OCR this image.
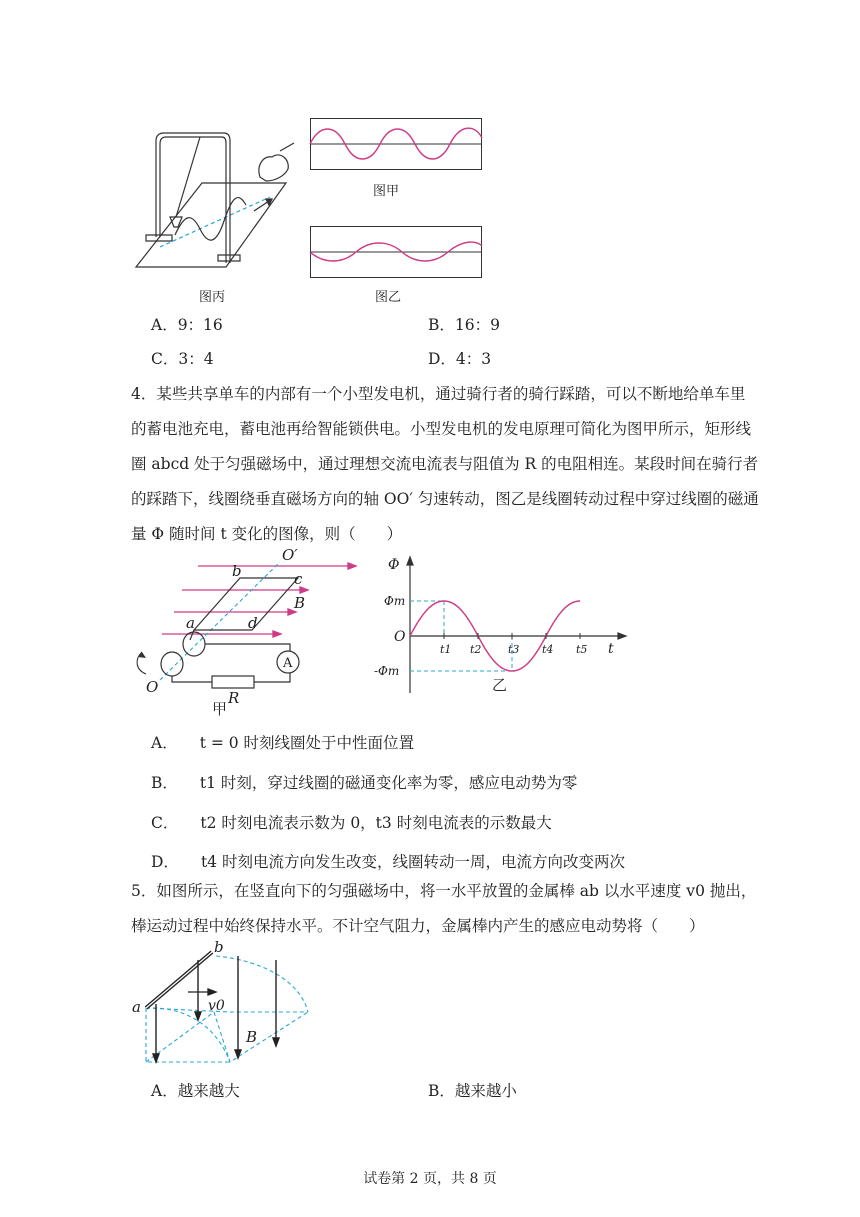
图丙
图甲
图乙
A．9：16	B．16：9
C．3：4	D．4：3
4．某些共享单车的内部有一个小型发电机，通过骑行者的骑行踩踏，可以不断地给单车里
的蓄电池充电，蓄电池再给智能锁供电。小型发电机的发电原理可简化为图甲所示，矩形线
圈 abcd 处于匀强磁场中，通过理想交流电流表与阻值为 R 的电阻相连。某段时间在骑行者
的踩踏下，线圈绕垂直磁场方向的轴 OO′ 匀速转动，图乙是线圈转动过程中穿过线圈的磁通
量 Φ 随时间 t 变化的图像，则（　　）
O′
b	c
B
a	d
A
R
O
甲
Φ
t
O
Φm
-Φm
t1 t2 t3 t4 t5
乙
A． t = 0 时刻线圈处于中性面位置
B． t1 时刻，穿过线圈的磁通变化率为零，感应电动势为零
C． t2 时刻电流表示数为 0，t3 时刻电流表的示数最大
D． t4 时刻电流方向发生改变，线圈转动一周，电流方向改变两次
5．如图所示，在竖直向下的匀强磁场中，将一水平放置的金属棒 ab 以水平速度 v0 抛出，
棒运动过程中始终保持水平。不计空气阻力，金属棒内产生的感应电动势将（　　）
a
b
v0
B
A．越来越大	B．越来越小
试卷第 2 页，共 8 页
